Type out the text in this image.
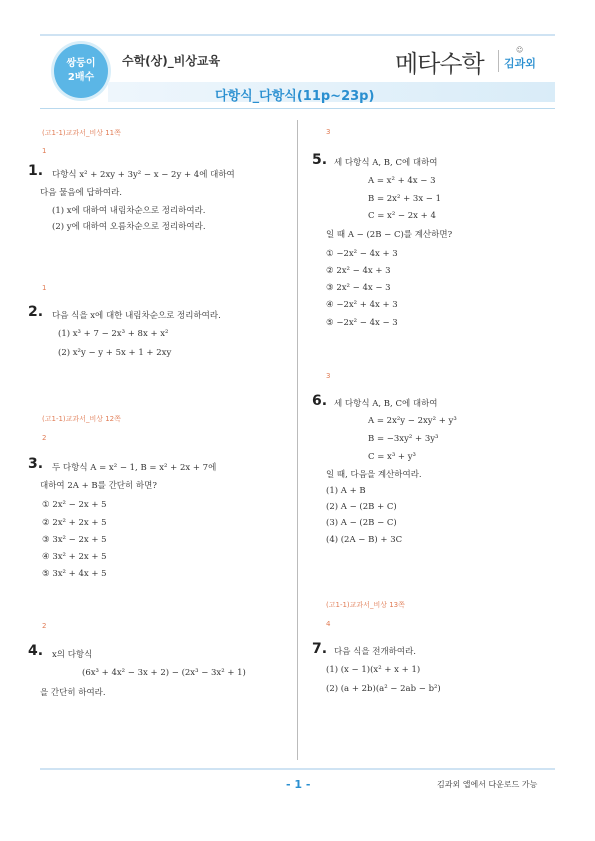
쌍둥이
2배수
수학(상)_비상교육
다항식_다항식(11p~23p)
메타수학	☺
김과외
(고1-1)교과서_비상 11쪽
1
1. 다항식 x² + 2xy + 3y² − x − 2y + 4에 대하여
다음 물음에 답하여라.
(1) x에 대하여 내림차순으로 정리하여라.
(2) y에 대하여 오름차순으로 정리하여라.
1
2. 다음 식을 x에 대한 내림차순으로 정리하여라.
(1) x³ + 7 − 2x³ + 8x + x²
(2) x²y − y + 5x + 1 + 2xy
(고1-1)교과서_비상 12쪽
2
3. 두 다항식 A = x² − 1, B = x² + 2x + 7에
대하여 2A + B를 간단히 하면?
① 2x² − 2x + 5
② 2x² + 2x + 5
③ 3x² − 2x + 5
④ 3x² + 2x + 5
⑤ 3x² + 4x + 5
2
4. x의 다항식
(6x³ + 4x² − 3x + 2) − (2x³ − 3x² + 1)
을 간단히 하여라.
3
5. 세 다항식 A, B, C에 대하여
A = x² + 4x − 3
B = 2x² + 3x − 1
C = x² − 2x + 4
일 때 A − (2B − C)를 계산하면?
① −2x² − 4x + 3
② 2x² − 4x + 3
③ 2x² − 4x − 3
④ −2x² + 4x + 3
⑤ −2x² − 4x − 3
3
6. 세 다항식 A, B, C에 대하여
A = 2x²y − 2xy² + y³
B = −3xy² + 3y³
C = x³ + y³
일 때, 다음을 계산하여라.
(1) A + B
(2) A − (2B + C)
(3) A − (2B − C)
(4) (2A − B) + 3C
(고1-1)교과서_비상 13쪽
4
7. 다음 식을 전개하여라.
(1) (x − 1)(x² + x + 1)
(2) (a + 2b)(a² − 2ab − b²)
- 1 -	김과외 앱에서 다운로드 가능
